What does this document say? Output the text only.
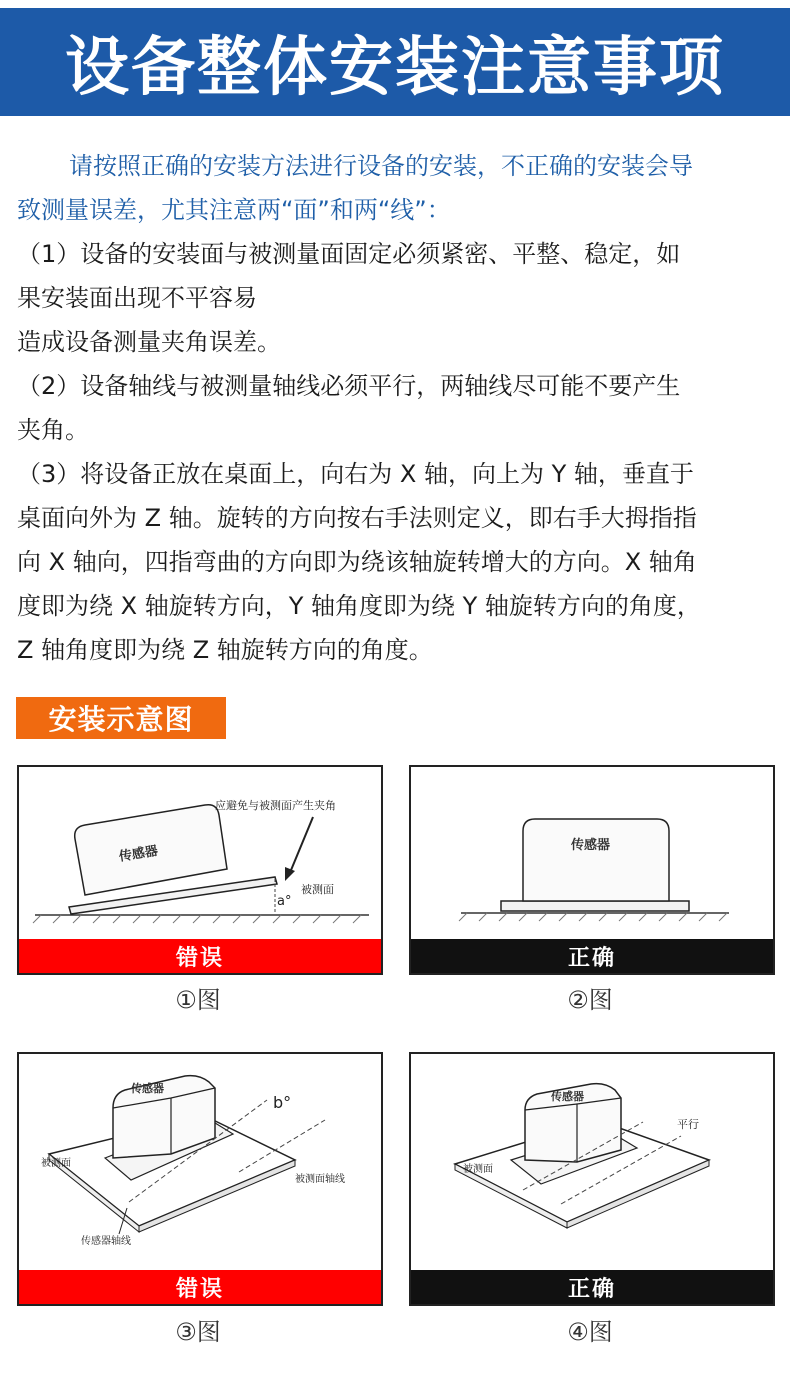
设备整体安装注意事项
请按照正确的安装方法进行设备的安装，不正确的安装会导
致测量误差，尤其注意两“面”和两“线”：
（1）设备的安装面与被测量面固定必须紧密、平整、稳定，如
果安装面出现不平容易
造成设备测量夹角误差。
（2）设备轴线与被测量轴线必须平行，两轴线尽可能不要产生
夹角。
（3）将设备正放在桌面上，向右为 X 轴，向上为 Y 轴，垂直于
桌面向外为 Z 轴。旋转的方向按右手法则定义，即右手大拇指指
向 X 轴向，四指弯曲的方向即为绕该轴旋转增大的方向。X 轴角
度即为绕 X 轴旋转方向，Y 轴角度即为绕 Y 轴旋转方向的角度，
Z 轴角度即为绕 Z 轴旋转方向的角度。
安装示意图
传感器
应避免与被测面产生夹角
a°
被测面
错误
①图
传感器
正确
②图
传感器
b°
被测面
被测面轴线
传感器轴线
错误
③图
传感器
平行
被测面
正确
④图
